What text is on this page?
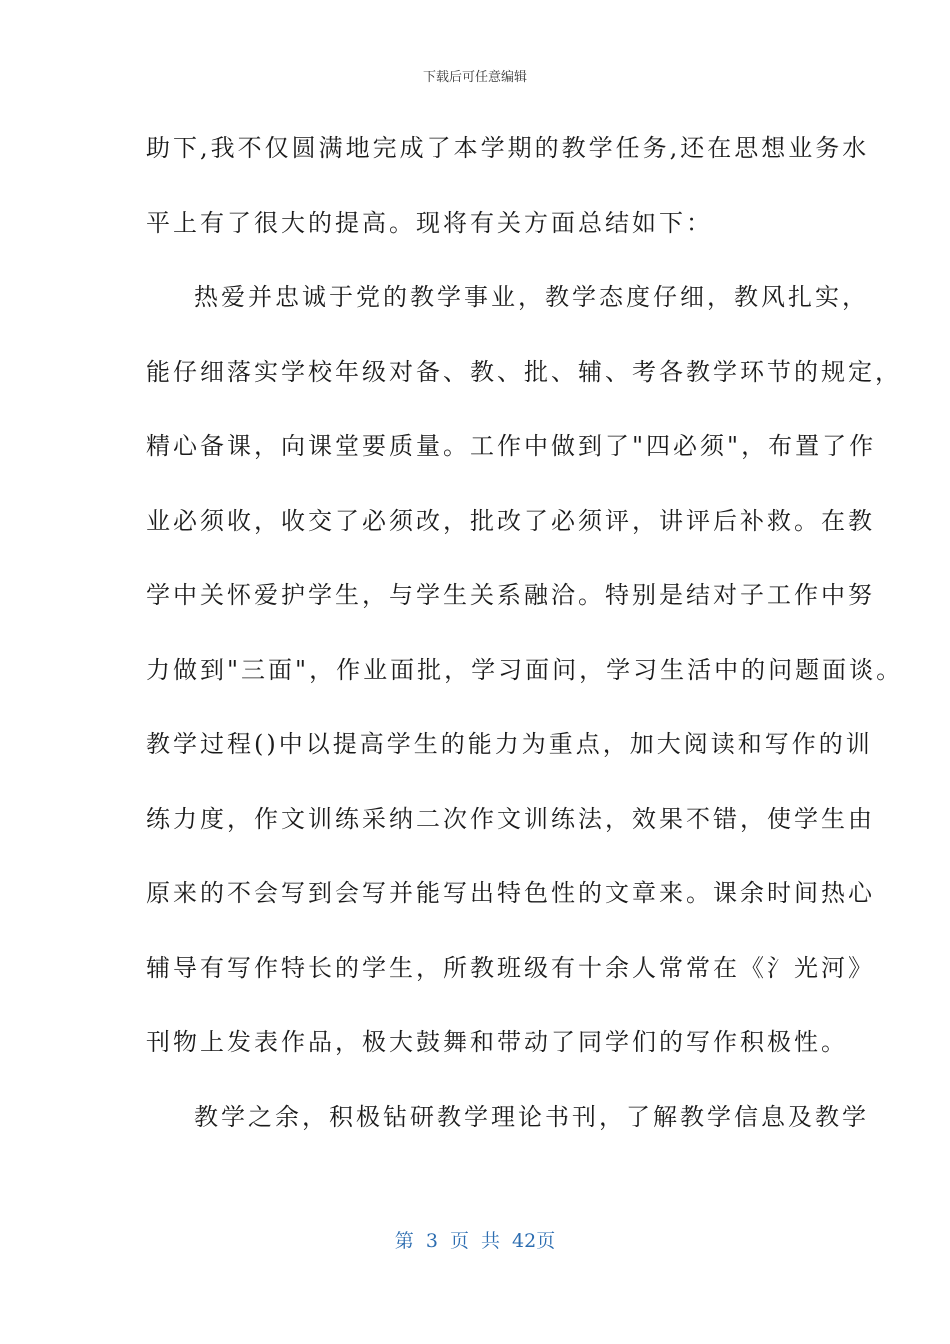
下载后可任意编辑
助下,我不仅圆满地完成了本学期的教学任务,还在思想业务水
平上有了很大的提高。现将有关方面总结如下：
热爱并忠诚于党的教学事业，教学态度仔细，教风扎实，
能仔细落实学校年级对备、教、批、辅、考各教学环节的规定，
精心备课，向课堂要质量。工作中做到了"四必须"，布置了作
业必须收，收交了必须改，批改了必须评，讲评后补救。在教
学中关怀爱护学生，与学生关系融洽。特别是结对子工作中努
力做到"三面"，作业面批，学习面问，学习生活中的问题面谈。
教学过程()中以提高学生的能力为重点，加大阅读和写作的训
练力度，作文训练采纳二次作文训练法，效果不错，使学生由
原来的不会写到会写并能写出特色性的文章来。课余时间热心
辅导有写作特长的学生，所教班级有十余人常常在《氵光河》
刊物上发表作品，极大鼓舞和带动了同学们的写作积极性。
教学之余，积极钻研教学理论书刊，了解教学信息及教学
第 3 页 共 42页
